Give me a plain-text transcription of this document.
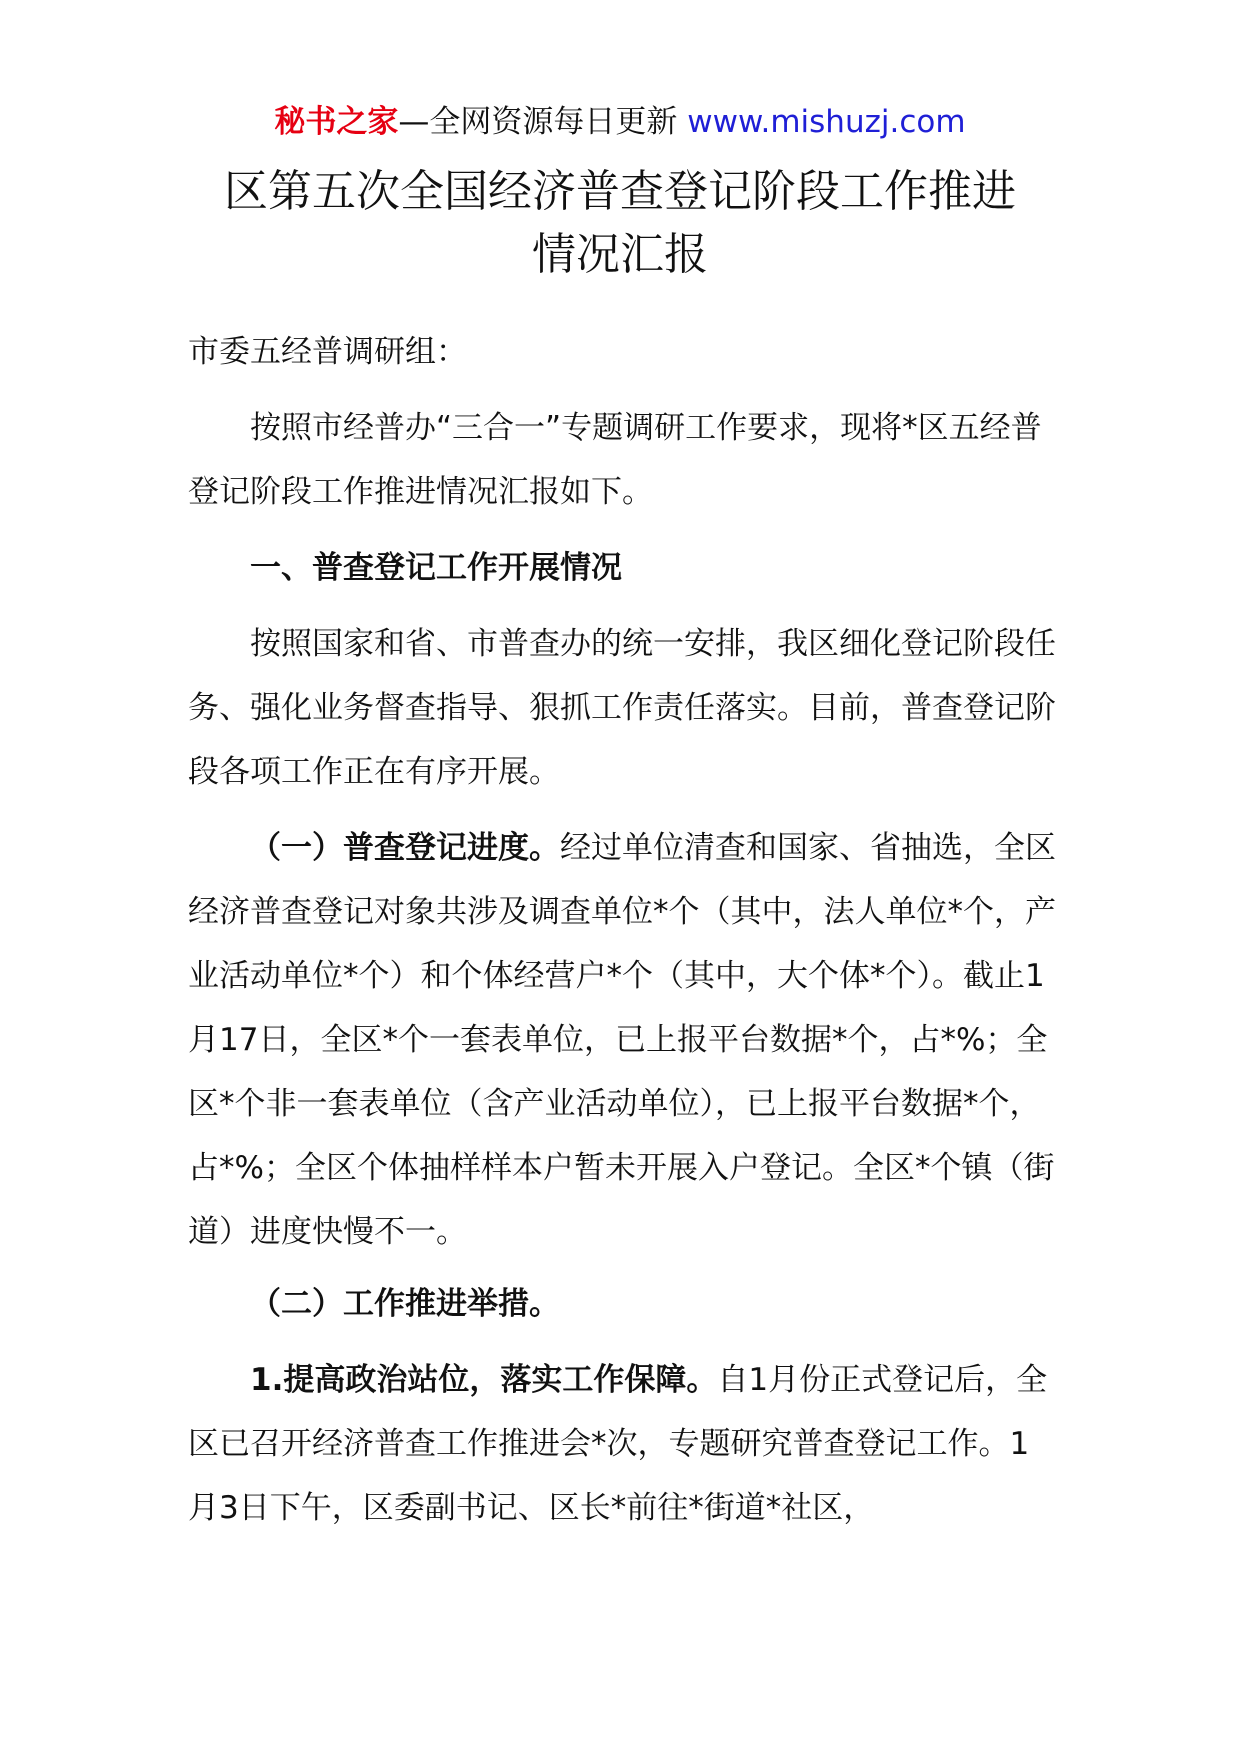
秘书之家—全网资源每日更新 www.mishuzj.com
区第五次全国经济普查登记阶段工作推进
情况汇报
市委五经普调研组：
按照市经普办“三合一”专题调研工作要求，现将*区五经普登记阶段工作推进情况汇报如下。
一、普查登记工作开展情况
按照国家和省、市普查办的统一安排，我区细化登记阶段任务、强化业务督查指导、狠抓工作责任落实。目前，普查登记阶段各项工作正在有序开展。
（一）普查登记进度。经过单位清查和国家、省抽选，全区经济普查登记对象共涉及调查单位*个（其中，法人单位*个，产业活动单位*个）和个体经营户*个（其中，大个体*个）。截止1月17日，全区*个一套表单位，已上报平台数据*个，占*%；全区*个非一套表单位（含产业活动单位），已上报平台数据*个，占*%；全区个体抽样样本户暂未开展入户登记。全区*个镇（街道）进度快慢不一。
（二）工作推进举措。
1.提高政治站位，落实工作保障。自1月份正式登记后，全区已召开经济普查工作推进会*次，专题研究普查登记工作。1月3日下午，区委副书记、区长*前往*街道*社区，
